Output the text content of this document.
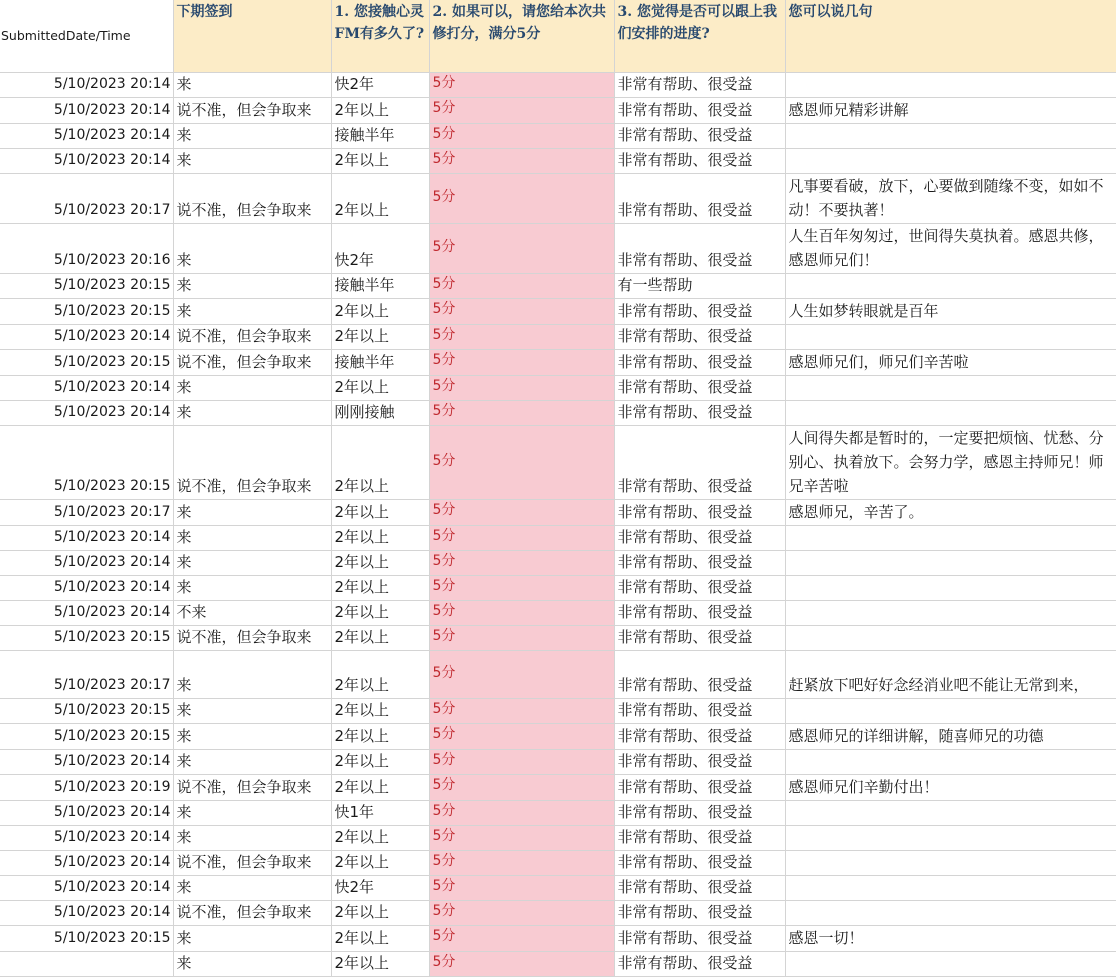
SubmittedDate/Time	下期签到	1. 您接触心灵FM有多久了?	2. 如果可以，请您给本次共修打分，满分5分	3. 您觉得是否可以跟上我们安排的进度?	您可以说几句
5/10/2023 20:14	来	快2年	5分	非常有帮助、很受益	
5/10/2023 20:14	说不准，但会争取来	2年以上	5分	非常有帮助、很受益	感恩师兄精彩讲解
5/10/2023 20:14	来	接触半年	5分	非常有帮助、很受益	
5/10/2023 20:14	来	2年以上	5分	非常有帮助、很受益	
5/10/2023 20:17	说不准，但会争取来	2年以上	5分	非常有帮助、很受益	凡事要看破，放下，心要做到随缘不变，如如不动！不要执著！
5/10/2023 20:16	来	快2年	5分	非常有帮助、很受益	人生百年匆匆过，世间得失莫执着。感恩共修，感恩师兄们！
5/10/2023 20:15	来	接触半年	5分	有一些帮助	
5/10/2023 20:15	来	2年以上	5分	非常有帮助、很受益	人生如梦转眼就是百年
5/10/2023 20:14	说不准，但会争取来	2年以上	5分	非常有帮助、很受益	
5/10/2023 20:15	说不准，但会争取来	接触半年	5分	非常有帮助、很受益	感恩师兄们，师兄们辛苦啦
5/10/2023 20:14	来	2年以上	5分	非常有帮助、很受益	
5/10/2023 20:14	来	刚刚接触	5分	非常有帮助、很受益	
5/10/2023 20:15	说不准，但会争取来	2年以上	5分	非常有帮助、很受益	人间得失都是暂时的，一定要把烦恼、忧愁、分别心、执着放下。会努力学，感恩主持师兄！师兄辛苦啦
5/10/2023 20:17	来	2年以上	5分	非常有帮助、很受益	感恩师兄，辛苦了。
5/10/2023 20:14	来	2年以上	5分	非常有帮助、很受益	
5/10/2023 20:14	来	2年以上	5分	非常有帮助、很受益	
5/10/2023 20:14	来	2年以上	5分	非常有帮助、很受益	
5/10/2023 20:14	不来	2年以上	5分	非常有帮助、很受益	
5/10/2023 20:15	说不准，但会争取来	2年以上	5分	非常有帮助、很受益	
5/10/2023 20:17	来	2年以上	5分	非常有帮助、很受益	赶紧放下吧好好念经消业吧不能让无常到来，
5/10/2023 20:15	来	2年以上	5分	非常有帮助、很受益	
5/10/2023 20:15	来	2年以上	5分	非常有帮助、很受益	感恩师兄的详细讲解，随喜师兄的功德
5/10/2023 20:14	来	2年以上	5分	非常有帮助、很受益	
5/10/2023 20:19	说不准，但会争取来	2年以上	5分	非常有帮助、很受益	感恩师兄们辛勤付出！
5/10/2023 20:14	来	快1年	5分	非常有帮助、很受益	
5/10/2023 20:14	来	2年以上	5分	非常有帮助、很受益	
5/10/2023 20:14	说不准，但会争取来	2年以上	5分	非常有帮助、很受益	
5/10/2023 20:14	来	快2年	5分	非常有帮助、很受益	
5/10/2023 20:14	说不准，但会争取来	2年以上	5分	非常有帮助、很受益	
5/10/2023 20:15	来	2年以上	5分	非常有帮助、很受益	感恩一切！
	来	2年以上	5分	非常有帮助、很受益	
